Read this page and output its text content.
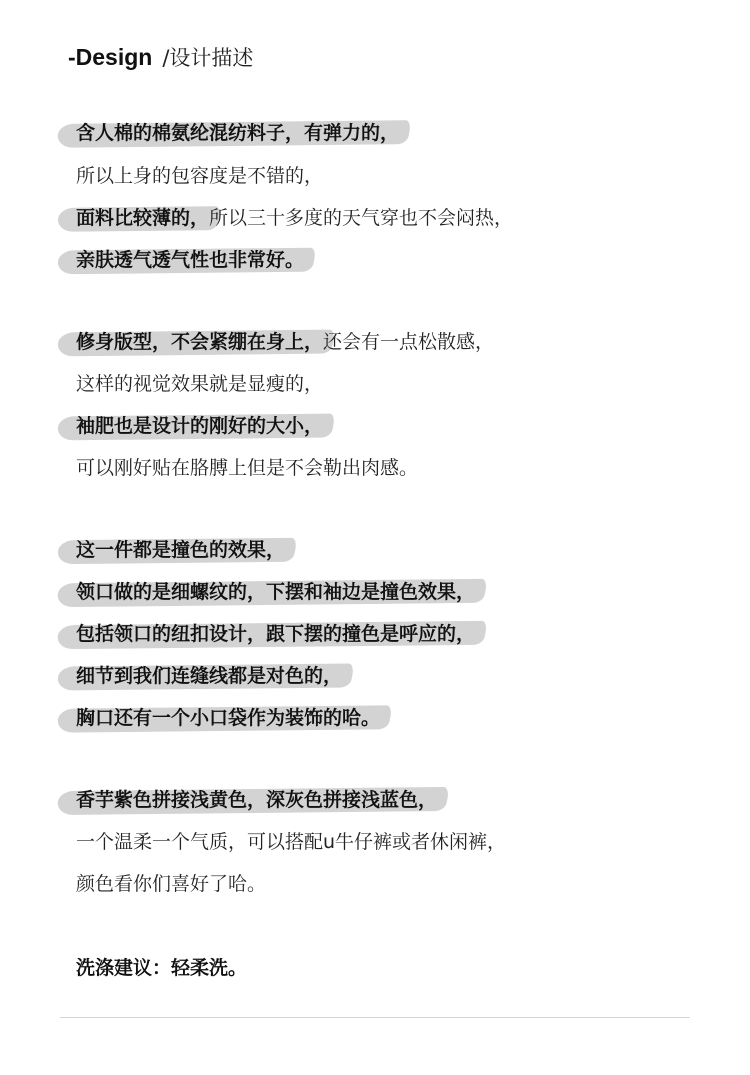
-Design /设计描述
含人棉的棉氨纶混纺料子，有弹力的，
所以上身的包容度是不错的，
面料比较薄的，所以三十多度的天气穿也不会闷热，
亲肤透气透气性也非常好。
修身版型，不会紧绷在身上，还会有一点松散感，
这样的视觉效果就是显瘦的，
袖肥也是设计的刚好的大小，
可以刚好贴在胳膊上但是不会勒出肉感。
这一件都是撞色的效果，
领口做的是细螺纹的，下摆和袖边是撞色效果，
包括领口的纽扣设计，跟下摆的撞色是呼应的，
细节到我们连缝线都是对色的，
胸口还有一个小口袋作为装饰的哈。
香芋紫色拼接浅黄色，深灰色拼接浅蓝色，
一个温柔一个气质，可以搭配u牛仔裤或者休闲裤，
颜色看你们喜好了哈。
洗涤建议：轻柔洗。
